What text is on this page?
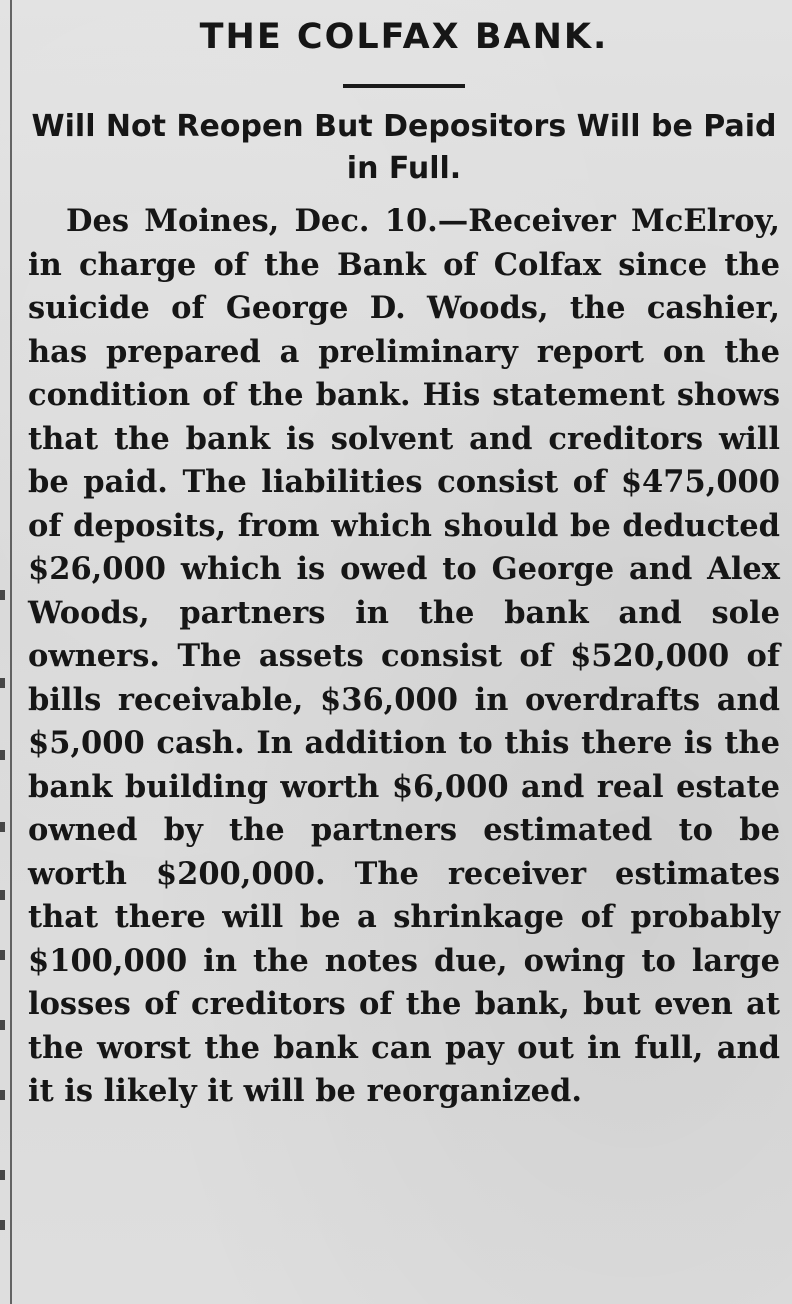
THE COLFAX BANK.
Will Not Reopen But Depositors Will be Paid in Full.

Des Moines, Dec. 10.—Receiver McElroy, in charge of the Bank of Colfax since the suicide of George D. Woods, the cashier, has prepared a preliminary report on the condition of the bank. His statement shows that the bank is solvent and creditors will be paid. The liabilities consist of $475,000 of deposits, from which should be deducted $26,000 which is owed to George and Alex Woods, partners in the bank and sole owners. The assets consist of $520,000 of bills receivable, $36,000 in overdrafts and $5,000 cash. In addition to this there is the bank building worth $6,000 and real estate owned by the partners estimated to be worth $200,000. The receiver estimates that there will be a shrinkage of probably $100,000 in the notes due, owing to large losses of creditors of the bank, but even at the worst the bank can pay out in full, and it is likely it will be reorganized.
